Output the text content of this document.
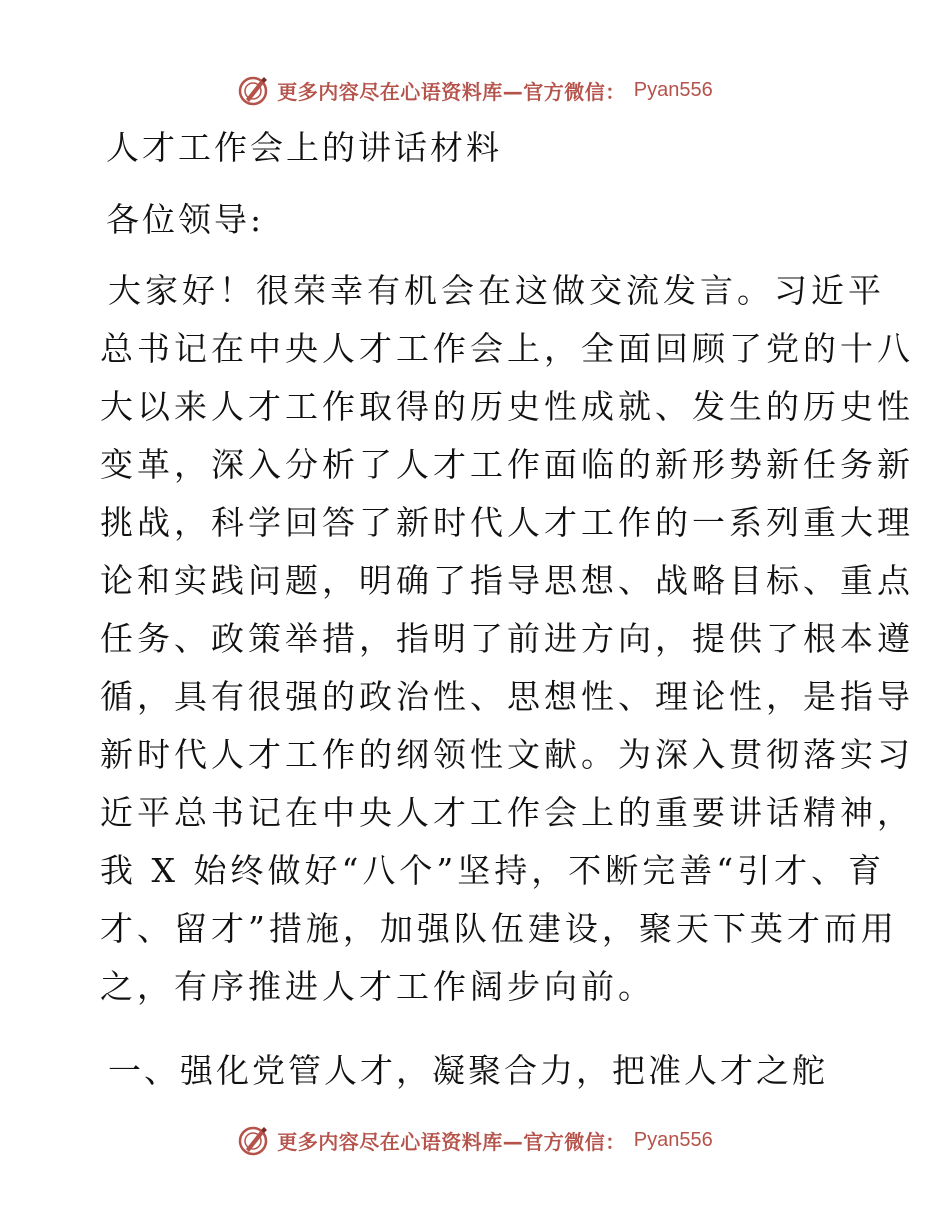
更多内容尽在心语资料库—官方微信： Pyan556
人才工作会上的讲话材料
各位领导:
大家好！很荣幸有机会在这做交流发言。习近平
总书记在中央人才工作会上，全面回顾了党的十八
大以来人才工作取得的历史性成就、发生的历史性
变革，深入分析了人才工作面临的新形势新任务新
挑战，科学回答了新时代人才工作的一系列重大理
论和实践问题，明确了指导思想、战略目标、重点
任务、政策举措，指明了前进方向，提供了根本遵
循，具有很强的政治性、思想性、理论性，是指导
新时代人才工作的纲领性文献。为深入贯彻落实习
近平总书记在中央人才工作会上的重要讲话精神，
我 X 始终做好“八个”坚持，不断完善“引才、育
才、留才”措施，加强队伍建设，聚天下英才而用
之，有序推进人才工作阔步向前。
一、强化党管人才，凝聚合力，把准人才之舵
更多内容尽在心语资料库—官方微信： Pyan556
